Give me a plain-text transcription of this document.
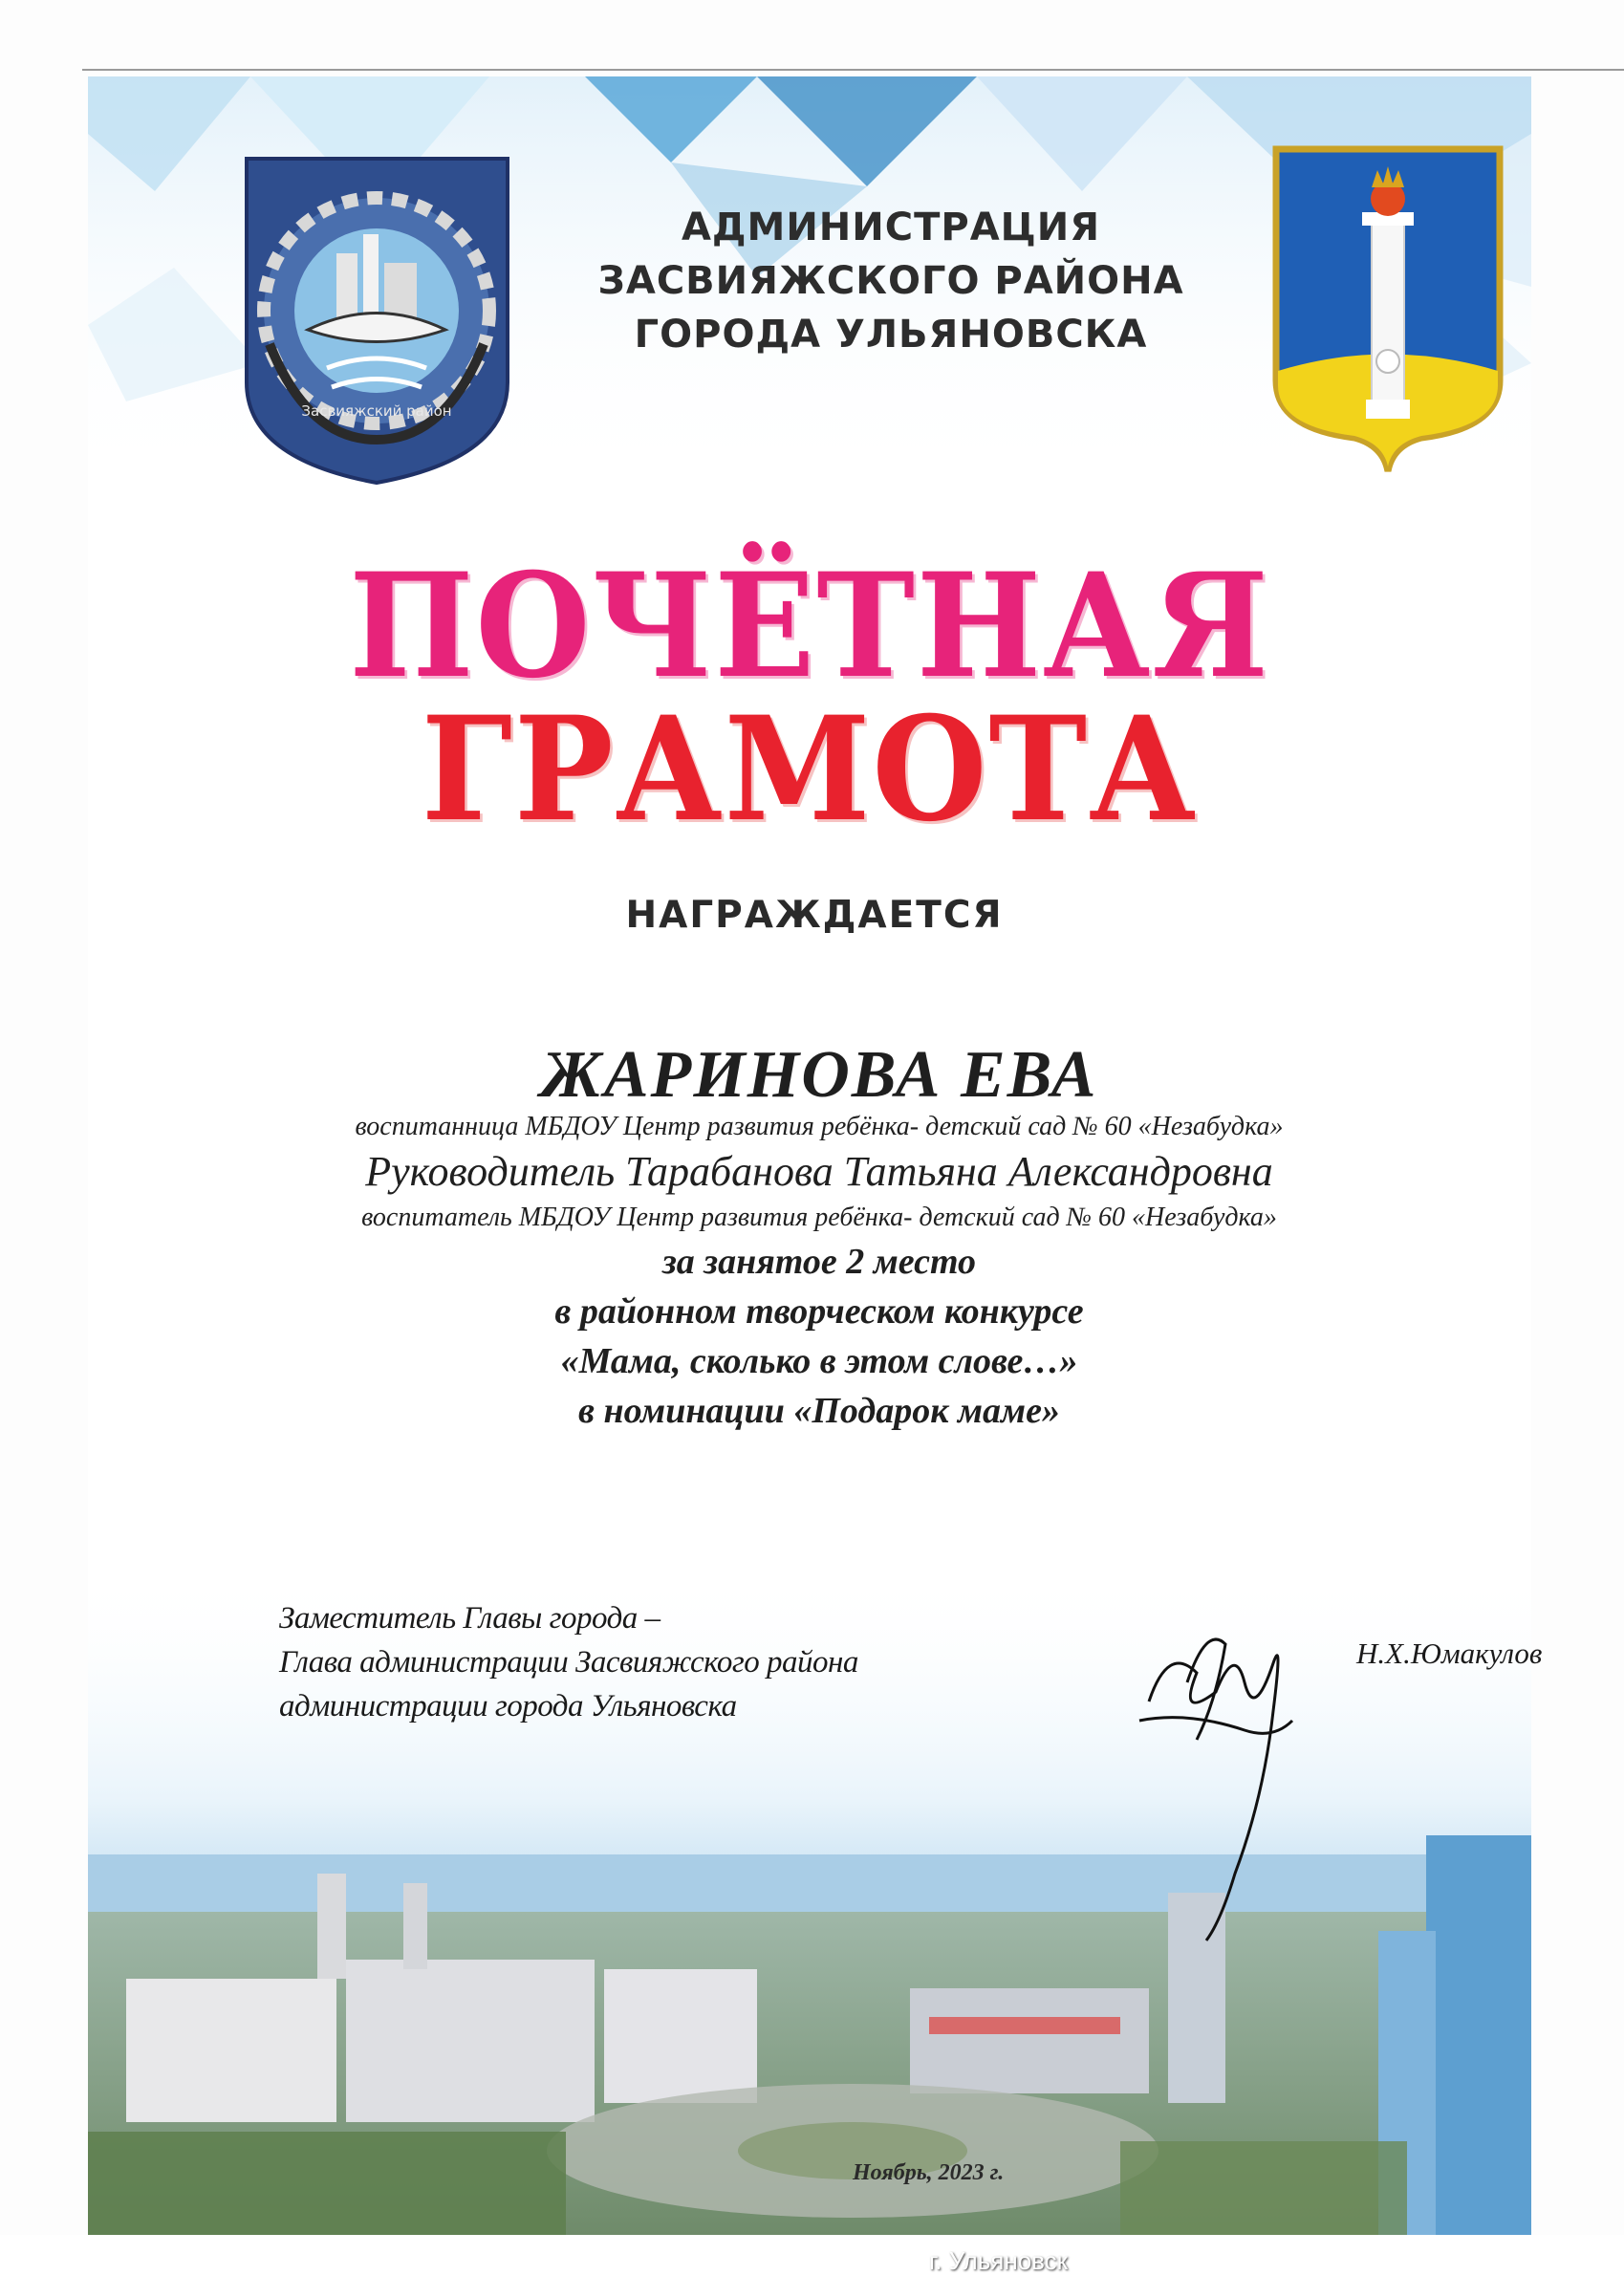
Засвияжский район
АДМИНИСТРАЦИЯ
ЗАСВИЯЖСКОГО РАЙОНА
ГОРОДА УЛЬЯНОВСКА
ПОЧЁТНАЯ
ГРАМОТА
НАГРАЖДАЕТСЯ
ЖАРИНОВА ЕВА
воспитанница МБДОУ Центр развития ребёнка- детский сад № 60 «Незабудка»
Руководитель Тарабанова Татьяна Александровна
воспитатель МБДОУ Центр развития ребёнка- детский сад № 60 «Незабудка»
за занятое 2 место
в районном творческом конкурсе
«Мама, сколько в этом слове…»
в номинации «Подарок маме»
Заместитель Главы города –
Глава администрации Засвияжского района
администрации города Ульяновска
Н.Х.Юмакулов
Ноябрь, 2023 г.
г. Ульяновск
